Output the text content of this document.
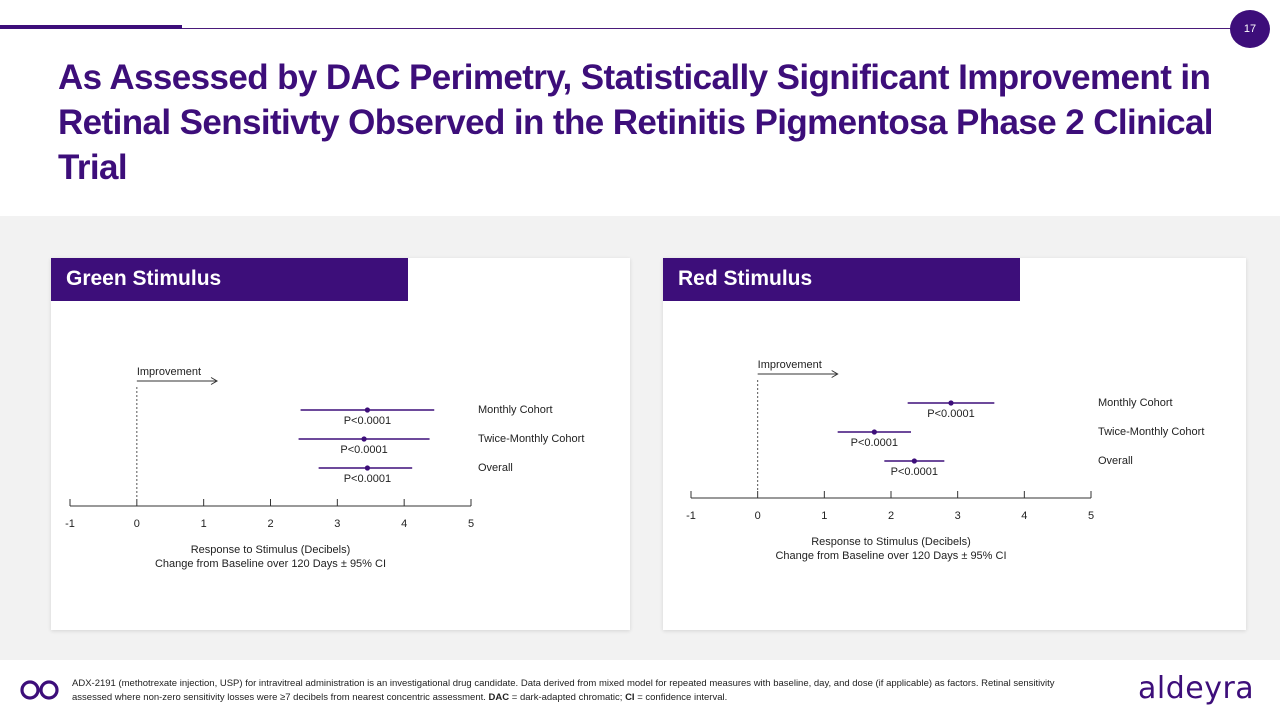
17
As Assessed by DAC Perimetry, Statistically Significant Improvement in Retinal Sensitivty Observed in the Retinitis Pigmentosa Phase 2 Clinical Trial
Green Stimulus
-1	0	1	2	3	4	5
Response to Stimulus (Decibels)
Change from Baseline over 120 Days ± 95% CI
Improvement
P<0.0001
Monthly Cohort
P<0.0001
Twice-Monthly Cohort
P<0.0001
Overall
Red Stimulus
-1	0	1	2	3	4	5
Response to Stimulus (Decibels)
Change from Baseline over 120 Days ± 95% CI
Improvement
P<0.0001
Monthly Cohort
P<0.0001
Twice-Monthly Cohort
P<0.0001
Overall
ADX-2191 (methotrexate injection, USP) for intravitreal administration is an investigational drug candidate. Data derived from mixed model for repeated measures with baseline, day, and dose (if applicable) as factors. Retinal sensitivity assessed where non-zero sensitivity losses were ≥7 decibels from nearest concentric assessment. DAC = dark-adapted chromatic; CI = confidence interval.	aldeyra
